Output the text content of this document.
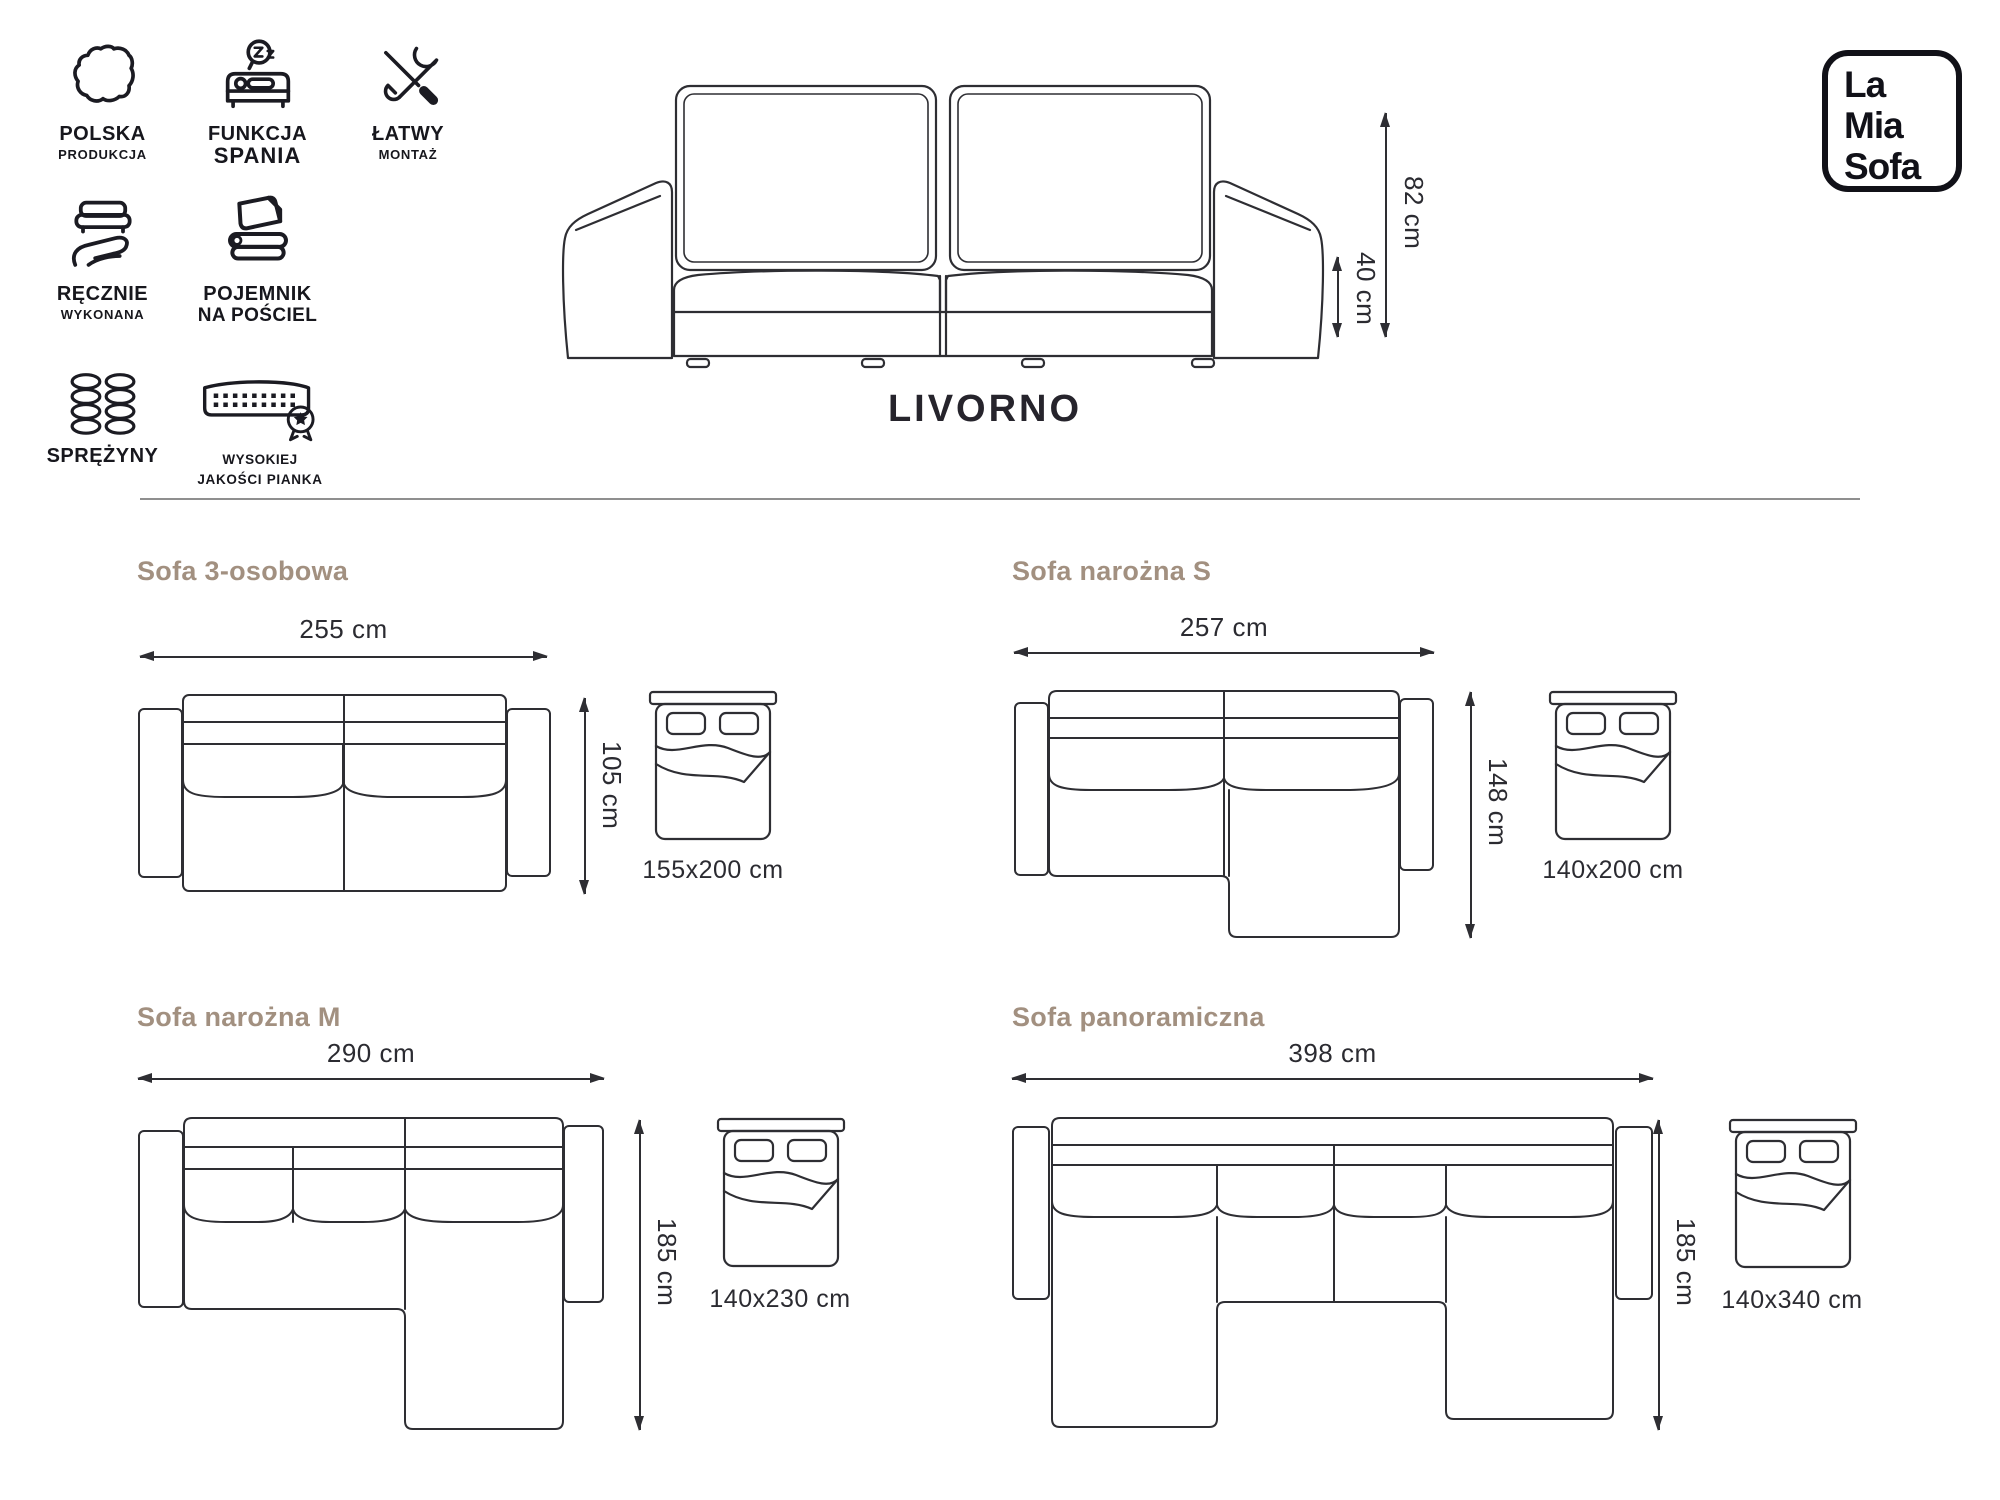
POLSKA
PRODUKCJA
FUNKCJA
SPANIA
ŁATWY
MONTAŻ
RĘCZNIE
WYKONANA
POJEMNIK
NA POŚCIEL
SPRĘŻYNY	WYSOKIEJ
JAKOŚCI PIANKA
82 cm
40 cm
LIVORNO
La
Mia
Sofa
Sofa 3-osobowa
255 cm
105 cm
155x200 cm
Sofa narożna S
257 cm
148 cm
140x200 cm
Sofa narożna M
290 cm
185 cm	140x230 cm
Sofa panoramiczna
398 cm
185 cm 140x340 cm
